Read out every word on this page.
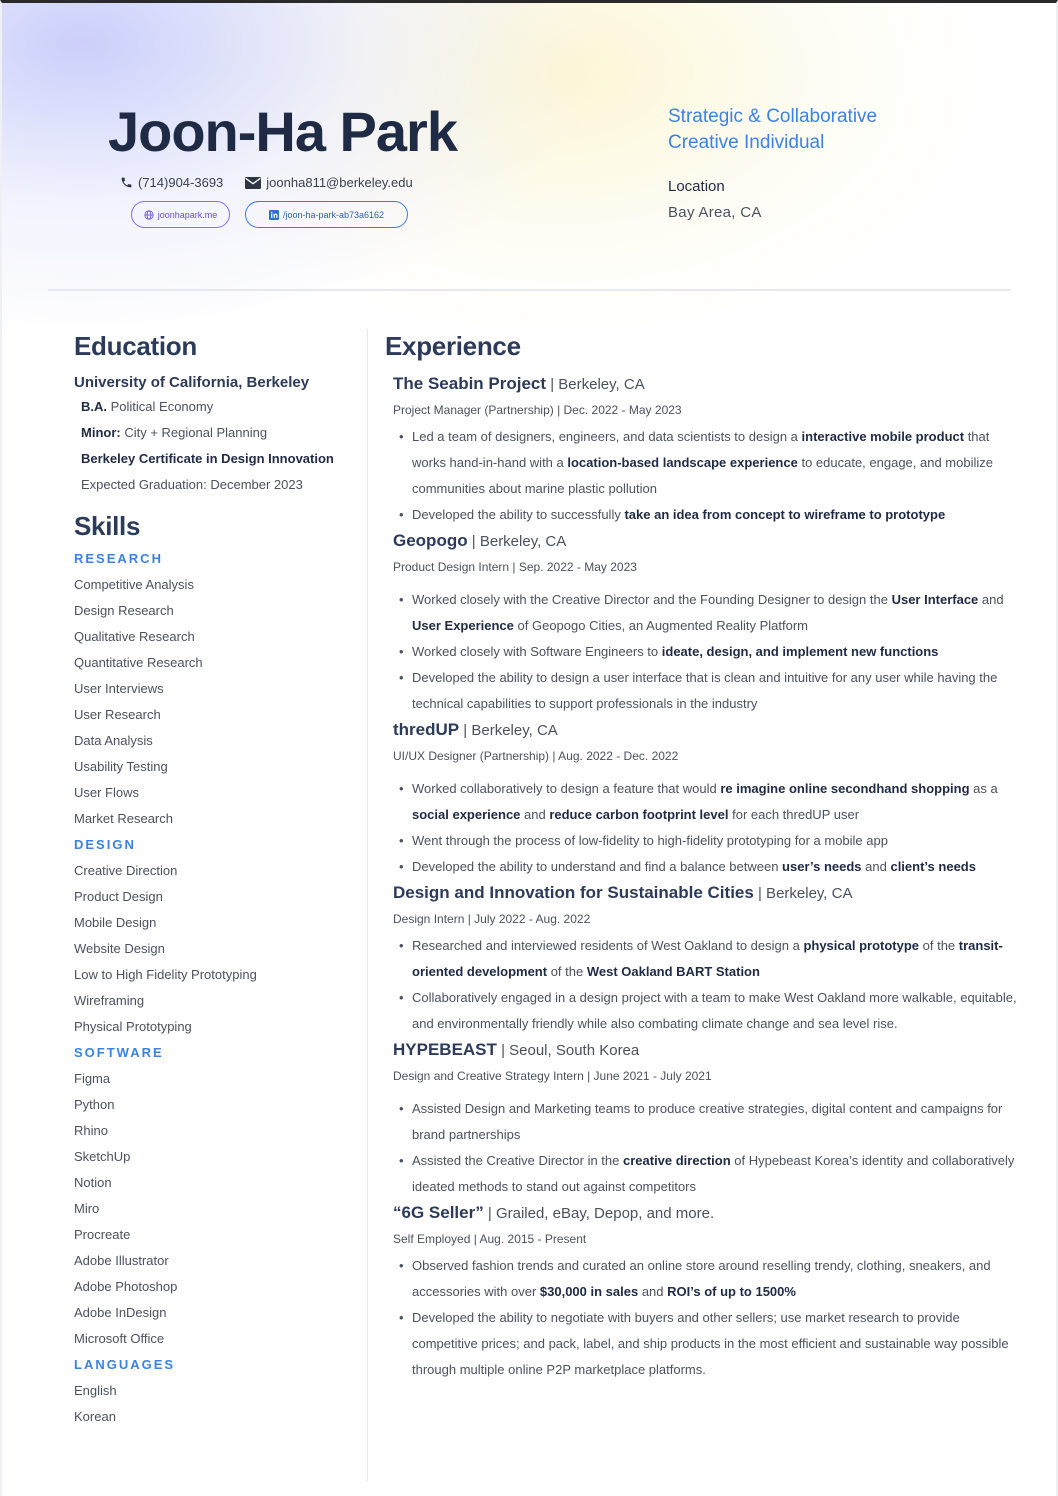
Joon-Ha Park
(714)904-3693	joonha811@berkeley.edu
joonhapark.me	/joon-ha-park-ab73a6162
Strategic & Collaborative
Creative Individual
Location
Bay Area, CA
Education
University of California, Berkeley
B.A. Political Economy
Minor: City + Regional Planning
Berkeley Certificate in Design Innovation
Expected Graduation: December 2023
Skills
RESEARCH
Competitive Analysis
Design Research
Qualitative Research
Quantitative Research
User Interviews
User Research
Data Analysis
Usability Testing
User Flows
Market Research
DESIGN
Creative Direction
Product Design
Mobile Design
Website Design
Low to High Fidelity Prototyping
Wireframing
Physical Prototyping
SOFTWARE
Figma
Python
Rhino
SketchUp
Notion
Miro
Procreate
Adobe Illustrator
Adobe Photoshop
Adobe InDesign
Microsoft Office
LANGUAGES
English
Korean
Experience
The Seabin Project | Berkeley, CA
Project Manager (Partnership) | Dec. 2022 - May 2023
• Led a team of designers, engineers, and data scientists to design a interactive mobile product that works hand-in-hand with a location-based landscape experience to educate, engage, and mobilize communities about marine plastic pollution
• Developed the ability to successfully take an idea from concept to wireframe to prototype
Geopogo | Berkeley, CA
Product Design Intern | Sep. 2022 - May 2023
• Worked closely with the Creative Director and the Founding Designer to design the User Interface and User Experience of Geopogo Cities, an Augmented Reality Platform
• Worked closely with Software Engineers to ideate, design, and implement new functions
• Developed the ability to design a user interface that is clean and intuitive for any user while having the technical capabilities to support professionals in the industry
thredUP | Berkeley, CA
UI/UX Designer (Partnership) | Aug. 2022 - Dec. 2022
• Worked collaboratively to design a feature that would re imagine online secondhand shopping as a social experience and reduce carbon footprint level for each thredUP user
• Went through the process of low-fidelity to high-fidelity prototyping for a mobile app
• Developed the ability to understand and find a balance between user’s needs and client’s needs
Design and Innovation for Sustainable Cities | Berkeley, CA
Design Intern | July 2022 - Aug. 2022
• Researched and interviewed residents of West Oakland to design a physical prototype of the transit-oriented development of the West Oakland BART Station
• Collaboratively engaged in a design project with a team to make West Oakland more walkable, equitable, and environmentally friendly while also combating climate change and sea level rise.
HYPEBEAST | Seoul, South Korea
Design and Creative Strategy Intern | June 2021 - July 2021
• Assisted Design and Marketing teams to produce creative strategies, digital content and campaigns for brand partnerships
• Assisted the Creative Director in the creative direction of Hypebeast Korea’s identity and collaboratively ideated methods to stand out against competitors
“6G Seller” | Grailed, eBay, Depop, and more.
Self Employed | Aug. 2015 - Present
• Observed fashion trends and curated an online store around reselling trendy, clothing, sneakers, and accessories with over $30,000 in sales and ROI’s of up to 1500%
• Developed the ability to negotiate with buyers and other sellers; use market research to provide competitive prices; and pack, label, and ship products in the most efficient and sustainable way possible through multiple online P2P marketplace platforms.
